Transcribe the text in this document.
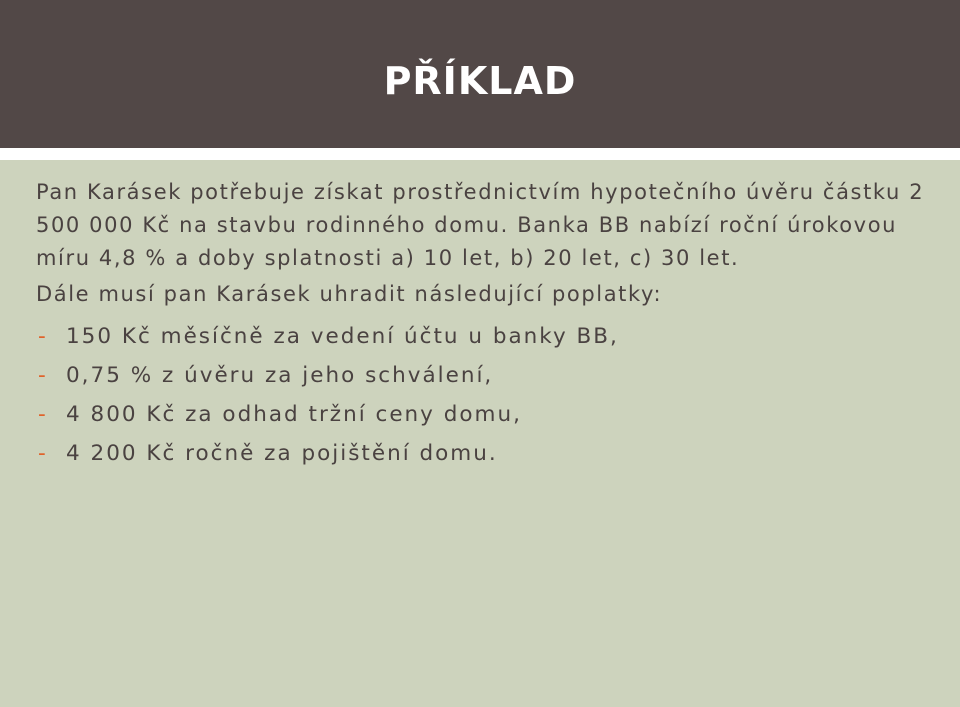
PŘÍKLAD

Pan Karásek potřebuje získat prostřednictvím hypotečního úvěru částku 2 500 000 Kč na stavbu rodinného domu. Banka BB nabízí roční úrokovou míru 4,8 % a doby splatnosti a) 10 let, b) 20 let, c) 30 let.

Dále musí pan Karásek uhradit následující poplatky:

- 150 Kč měsíčně za vedení účtu u banky BB,
- 0,75 % z úvěru za jeho schválení,
- 4 800 Kč za odhad tržní ceny domu,
- 4 200 Kč ročně za pojištění domu.
